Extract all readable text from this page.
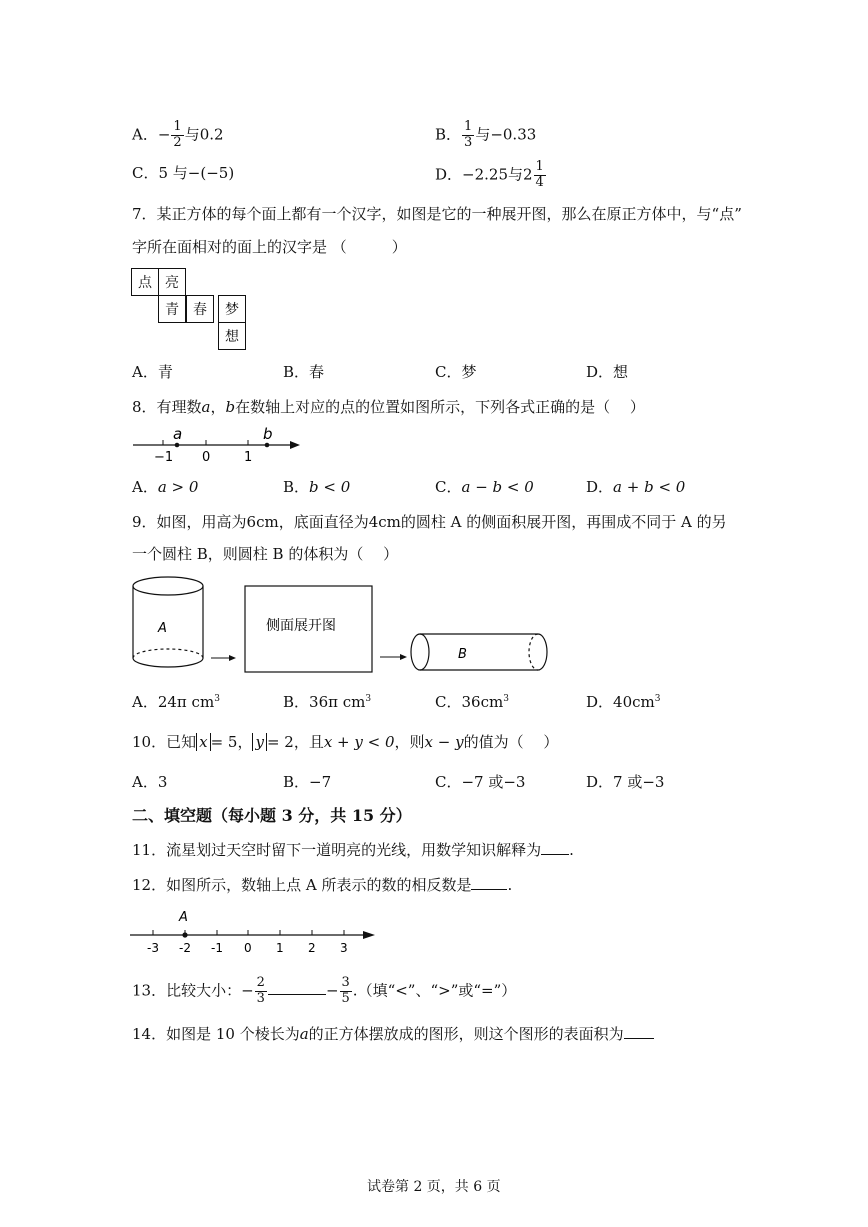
A．− $\frac{1}{2}$ 与0.2	B． $\frac{1}{3}$ 与−0.33
C．5 与−(−5)	D．−2.25与$2 \frac{1}{4}$
7．某正方体的每个面上都有一个汉字，如图是它的一种展开图，那么在原正方体中，与“点”
字所在面相对的面上的汉字是 （　　　）
点 亮
青	春	梦
想
A．青	B．春	C．梦	D．想
8．有理数a，b在数轴上对应的点的位置如图所示，下列各式正确的是（　 ）
a	b
−1 0	1
A．a > 0	B．b < 0	C．a − b < 0	D．a + b < 0
9．如图，用高为6cm，底面直径为4cm的圆柱 A 的侧面积展开图，再围成不同于 A 的另
一个圆柱 B，则圆柱 B 的体积为（　 ）
A	侧面展开图
B
A．24π $cm^3$	B．36π $cm^3$	C．$36cm^3$	D．$40cm^3$
10．已知 x = 5， y = 2，且x + y < 0，则x − y的值为（　 ）
A．3	B．−7	C．−7 或−3	D．7 或−3
二、填空题（每小题 3 分，共 15 分）
11．流星划过天空时留下一道明亮的光线，用数学知识解释为 .
12．如图所示，数轴上点 A 所表示的数的相反数是 .
A
-3 -2 -1 0 1 2 3
13．比较大小：− $\frac{2}{3}$	− $\frac{3}{5}$ .（填“<”、“>”或“=”）
14．如图是 10 个棱长为a的正方体摆放成的图形，则这个图形的表面积为
试卷第 2 页，共 6 页
